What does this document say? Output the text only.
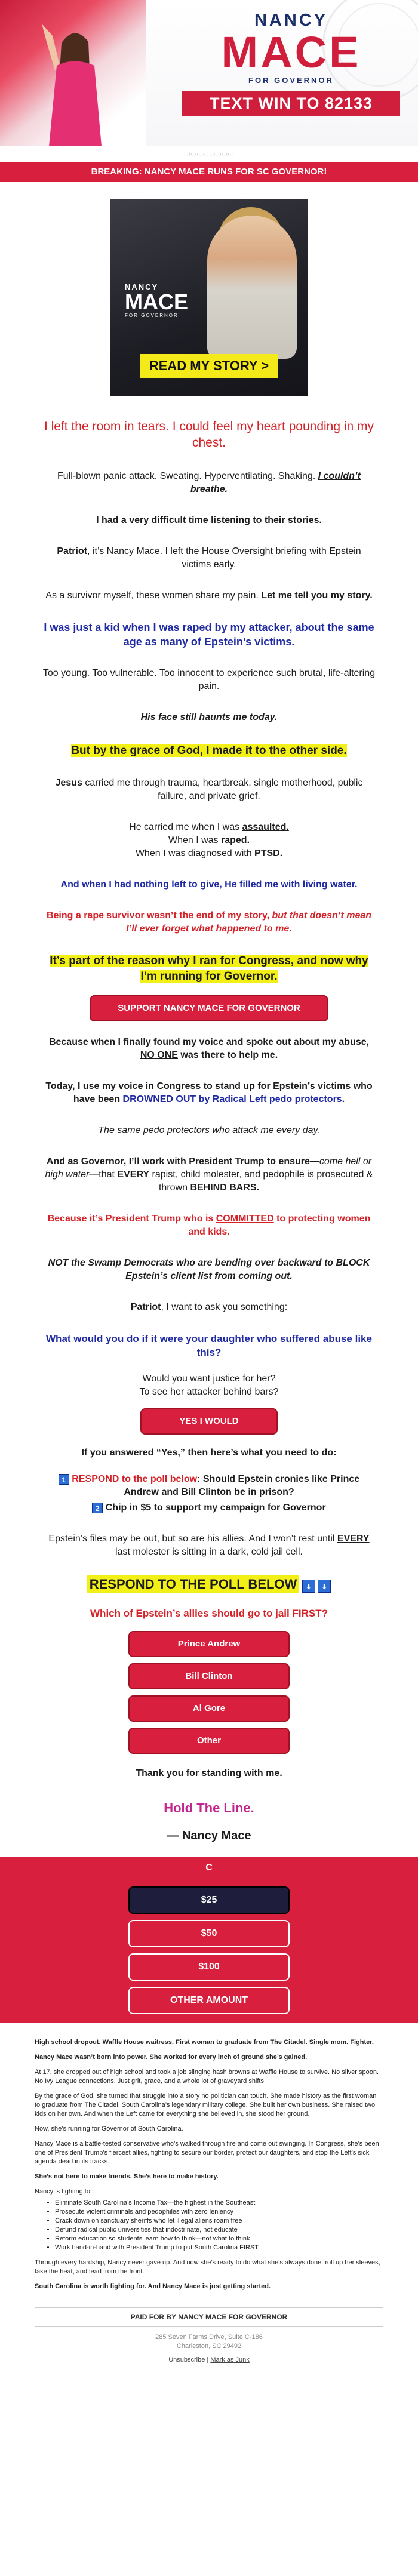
NANCY
MACE
FOR GOVERNOR
TEXT WIN TO 82133
▭▭▭▭▭▭▭▭
BREAKING: NANCY MACE RUNS FOR SC GOVERNOR!
NANCY
MACE
FOR GOVERNOR
READ MY STORY >

I left the room in tears. I could feel my heart pounding in my chest.

Full-blown panic attack. Sweating. Hyperventilating. Shaking. I couldn’t breathe.

I had a very difficult time listening to their stories.

Patriot, it’s Nancy Mace. I left the House Oversight briefing with Epstein victims early.

As a survivor myself, these women share my pain. Let me tell you my story.

I was just a kid when I was raped by my attacker, about the same age as many of Epstein’s victims.

Too young. Too vulnerable. Too innocent to experience such brutal, life-altering pain.

His face still haunts me today.

But by the grace of God, I made it to the other side.

Jesus carried me through trauma, heartbreak, single motherhood, public failure, and private grief.

He carried me when I was assaulted.
When I was raped.
When I was diagnosed with PTSD.

And when I had nothing left to give, He filled me with living water.

Being a rape survivor wasn’t the end of my story, but that doesn’t mean I’ll ever forget what happened to me.

It’s part of the reason why I ran for Congress, and now why I’m running for Governor.

SUPPORT NANCY MACE FOR GOVERNOR

Because when I finally found my voice and spoke out about my abuse, NO ONE was there to help me.

Today, I use my voice in Congress to stand up for Epstein’s victims who have been DROWNED OUT by Radical Left pedo protectors.

The same pedo protectors who attack me every day.

And as Governor, I’ll work with President Trump to ensure—come hell or high water—that EVERY rapist, child molester, and pedophile is prosecuted & thrown BEHIND BARS.

Because it’s President Trump who is COMMITTED to protecting women and kids.

NOT the Swamp Democrats who are bending over backward to BLOCK Epstein’s client list from coming out.

Patriot, I want to ask you something:

What would you do if it were your daughter who suffered abuse like this?

Would you want justice for her?
To see her attacker behind bars?

YES I WOULD

If you answered “Yes,” then here’s what you need to do:

1 RESPOND to the poll below: Should Epstein cronies like Prince Andrew and Bill Clinton be in prison?

2 Chip in $5 to support my campaign for Governor

Epstein’s files may be out, but so are his allies. And I won’t rest until EVERY last molester is sitting in a dark, cold jail cell.

RESPOND TO THE POLL BELOW ⬇ ⬇

Which of Epstein’s allies should go to jail FIRST?

Prince Andrew
Bill Clinton
Al Gore
Other

Thank you for standing with me.

Hold The Line.

— Nancy Mace

C
$25
$50
$100
OTHER AMOUNT

High school dropout. Waffle House waitress. First woman to graduate from The Citadel. Single mom. Fighter.

Nancy Mace wasn’t born into power. She worked for every inch of ground she’s gained.

At 17, she dropped out of high school and took a job slinging hash browns at Waffle House to survive. No silver spoon. No Ivy League connections. Just grit, grace, and a whole lot of graveyard shifts.

By the grace of God, she turned that struggle into a story no politician can touch. She made history as the first woman to graduate from The Citadel, South Carolina’s legendary military college. She built her own business. She raised two kids on her own. And when the Left came for everything she believed in, she stood her ground.

Now, she’s running for Governor of South Carolina.

Nancy Mace is a battle-tested conservative who’s walked through fire and come out swinging. In Congress, she’s been one of President Trump’s fiercest allies, fighting to secure our border, protect our daughters, and stop the Left’s sick agenda dead in its tracks.

She’s not here to make friends. She’s here to make history.

Nancy is fighting to:

• Eliminate South Carolina’s Income Tax—the highest in the Southeast
• Prosecute violent criminals and pedophiles with zero leniency
• Crack down on sanctuary sheriffs who let illegal aliens roam free
• Defund radical public universities that indoctrinate, not educate
• Reform education so students learn how to think—not what to think
• Work hand-in-hand with President Trump to put South Carolina FIRST

Through every hardship, Nancy never gave up. And now she’s ready to do what she’s always done: roll up her sleeves, take the heat, and lead from the front.

South Carolina is worth fighting for. And Nancy Mace is just getting started.

PAID FOR BY NANCY MACE FOR GOVERNOR

285 Seven Farms Drive, Suite C-186

Charleston, SC 29492

Unsubscribe | Mark as Junk
